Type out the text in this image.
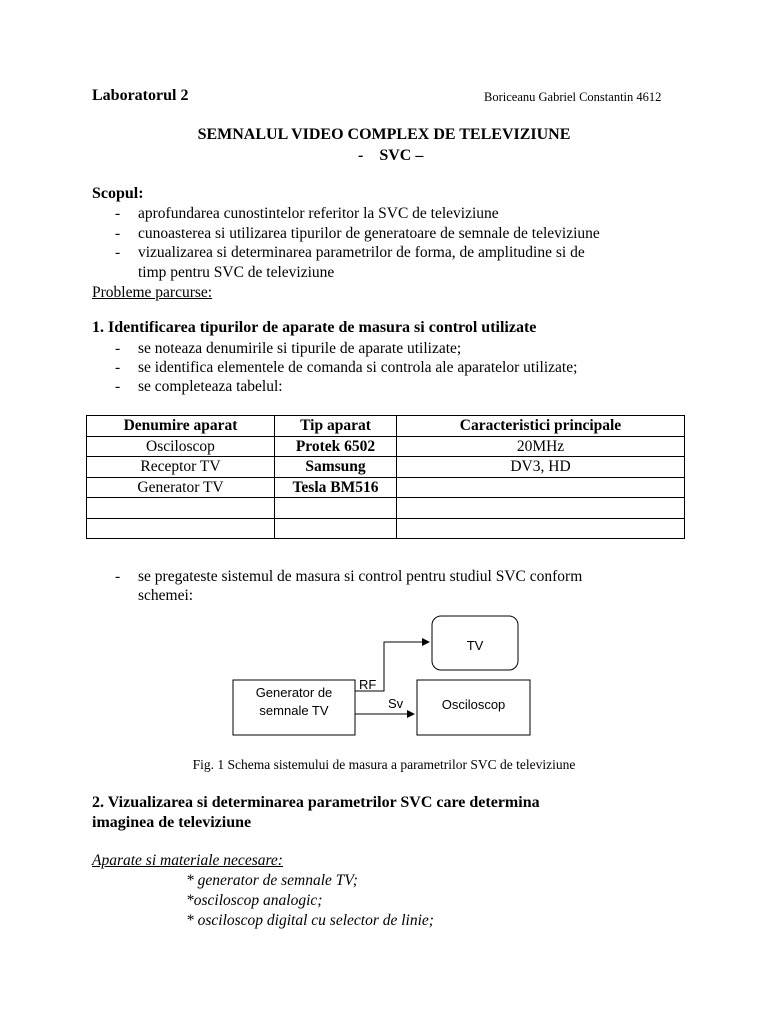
Laboratorul 2	Boriceanu Gabriel Constantin 4612
SEMNALUL VIDEO COMPLEX DE TELEVIZIUNE
-    SVC –
Scopul:
- aprofundarea cunostintelor referitor la SVC de televiziune
- cunoasterea si utilizarea tipurilor de generatoare de semnale de televiziune
- vizualizarea si determinarea parametrilor de forma, de amplitudine si de
timp pentru SVC de televiziune
Probleme parcurse:
1. Identificarea tipurilor de aparate de masura si control utilizate
- se noteaza denumirile si tipurile de aparate utilizate;
- se identifica elementele de comanda si controla ale aparatelor utilizate;
- se completeaza tabelul:
Denumire aparat	Tip aparat	Caracteristici principale
Osciloscop	Protek 6502	20MHz
Receptor TV	Samsung	DV3, HD
Generator TV	Tesla BM516	

- se pregateste sistemul de masura si control pentru studiul SVC conform
schemei:
Generator de
semnale TV
TV
Osciloscop
RF
Sv
Fig. 1 Schema sistemului de masura a parametrilor SVC de televiziune
2. Vizualizarea si determinarea parametrilor SVC care determina
imaginea de televiziune
Aparate si materiale necesare:
* generator de semnale TV;
*osciloscop analogic;
* osciloscop digital cu selector de linie;
